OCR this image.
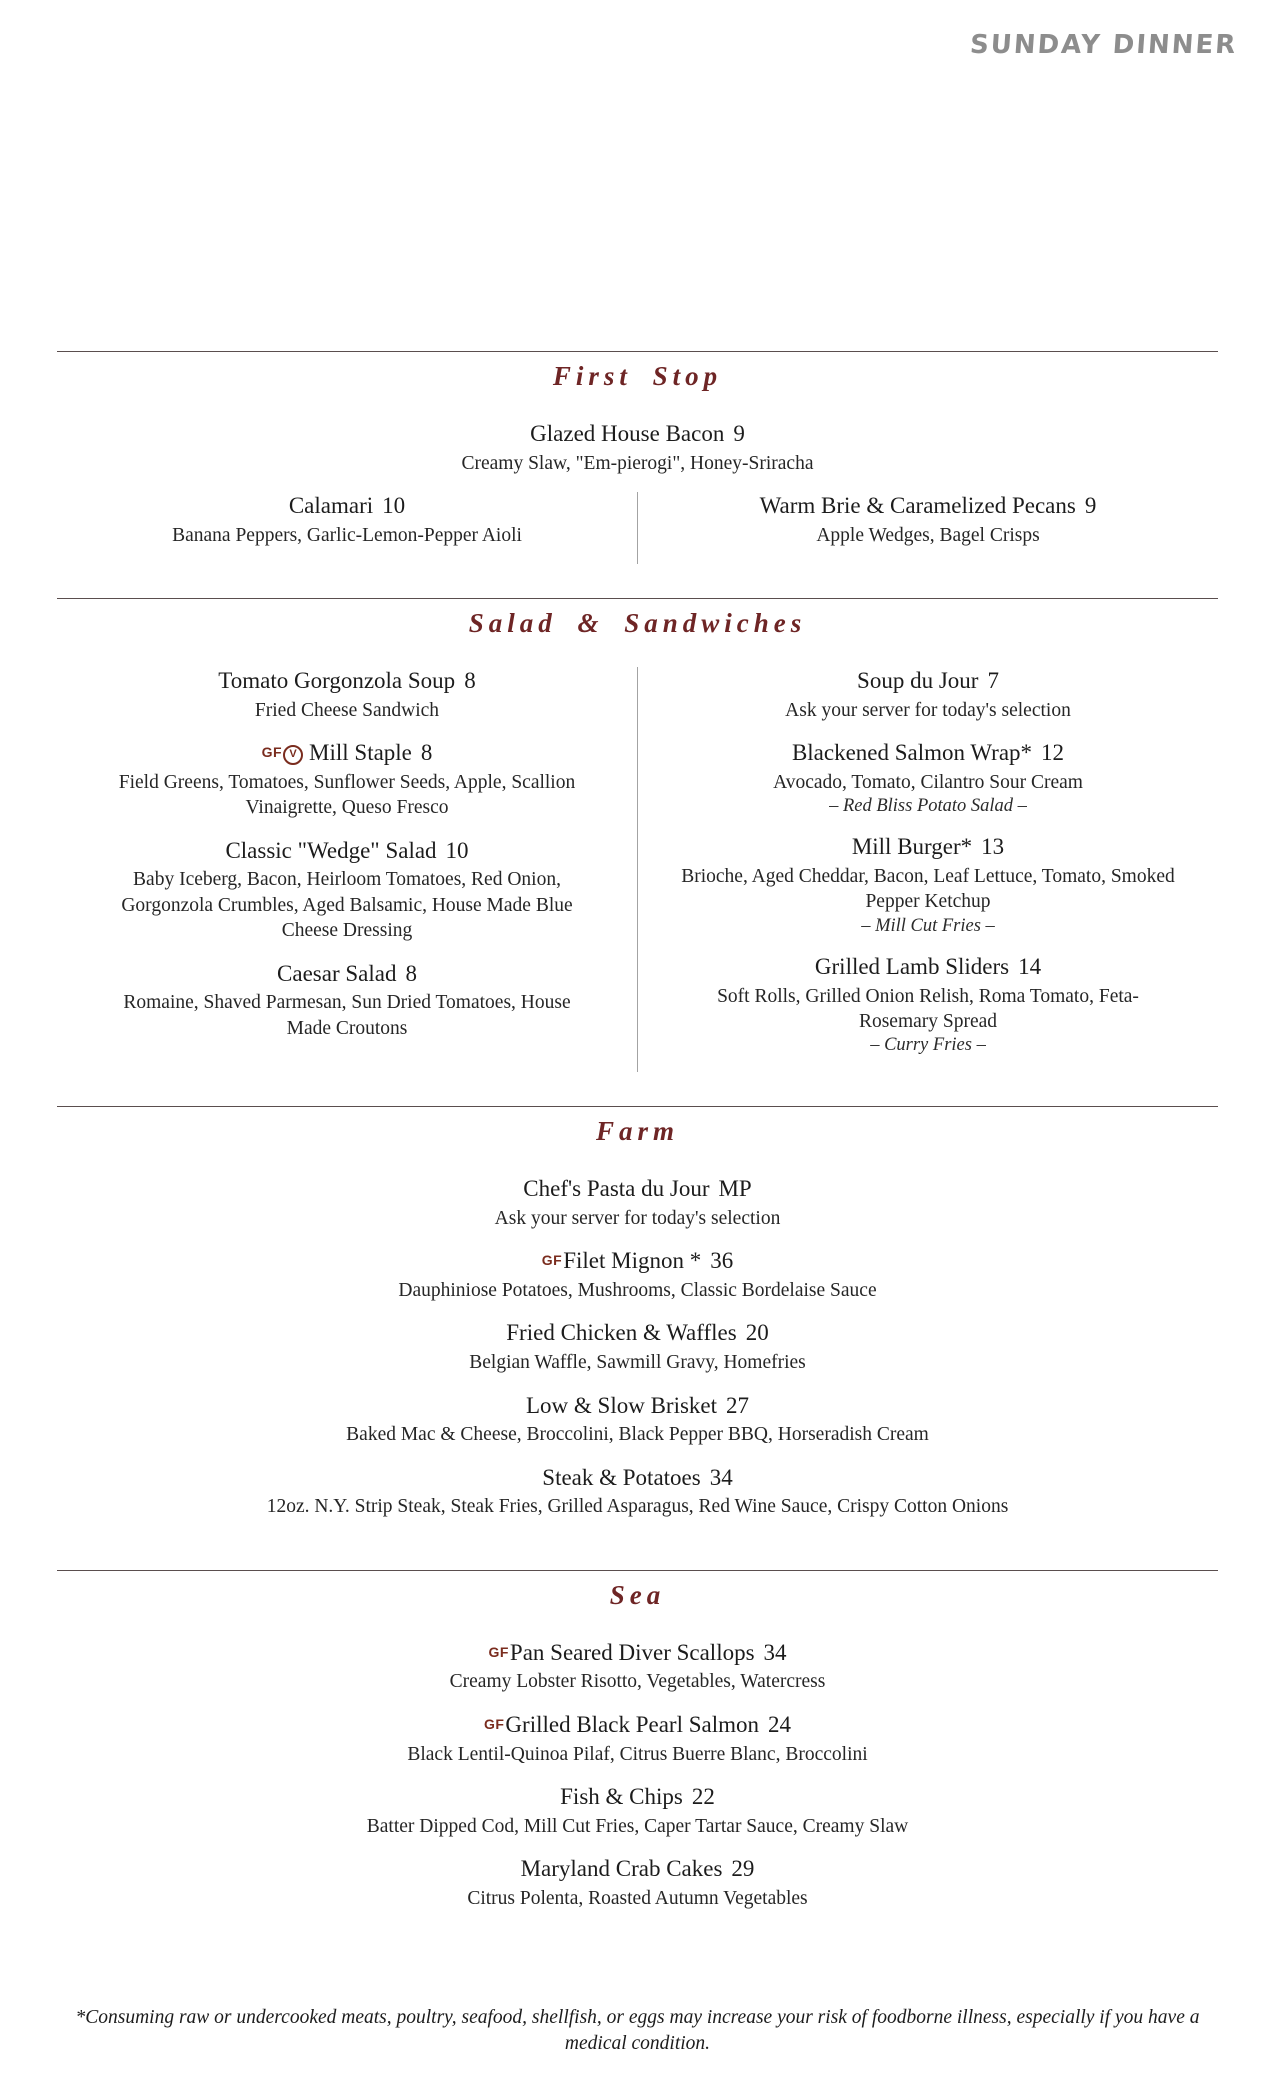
SUNDAY DINNER
First Stop
Glazed House Bacon 9
Creamy Slaw, "Em-pierogi", Honey-Sriracha
Calamari 10
Banana Peppers, Garlic-Lemon-Pepper Aioli
Warm Brie & Caramelized Pecans 9
Apple Wedges, Bagel Crisps
Salad & Sandwiches
Tomato Gorgonzola Soup 8
Fried Cheese Sandwich
GF V Mill Staple 8
Field Greens, Tomatoes, Sunflower Seeds, Apple, Scallion Vinaigrette, Queso Fresco
Classic "Wedge" Salad 10
Baby Iceberg, Bacon, Heirloom Tomatoes, Red Onion, Gorgonzola Crumbles, Aged Balsamic, House Made Blue Cheese Dressing
Caesar Salad 8
Romaine, Shaved Parmesan, Sun Dried Tomatoes, House Made Croutons
Soup du Jour 7
Ask your server for today's selection
Blackened Salmon Wrap* 12
Avocado, Tomato, Cilantro Sour Cream
– Red Bliss Potato Salad –
Mill Burger* 13
Brioche, Aged Cheddar, Bacon, Leaf Lettuce, Tomato, Smoked Pepper Ketchup
– Mill Cut Fries –
Grilled Lamb Sliders 14
Soft Rolls, Grilled Onion Relish, Roma Tomato, Feta-Rosemary Spread
– Curry Fries –
Farm
Chef's Pasta du Jour MP
Ask your server for today's selection
GFFilet Mignon * 36
Dauphiniose Potatoes, Mushrooms, Classic Bordelaise Sauce
Fried Chicken & Waffles 20
Belgian Waffle, Sawmill Gravy, Homefries
Low & Slow Brisket 27
Baked Mac & Cheese, Broccolini, Black Pepper BBQ, Horseradish Cream
Steak & Potatoes 34
12oz. N.Y. Strip Steak, Steak Fries, Grilled Asparagus, Red Wine Sauce, Crispy Cotton Onions
Sea
GFPan Seared Diver Scallops 34
Creamy Lobster Risotto, Vegetables, Watercress
GFGrilled Black Pearl Salmon 24
Black Lentil-Quinoa Pilaf, Citrus Buerre Blanc, Broccolini
Fish & Chips 22
Batter Dipped Cod, Mill Cut Fries, Caper Tartar Sauce, Creamy Slaw
Maryland Crab Cakes 29
Citrus Polenta, Roasted Autumn Vegetables
*Consuming raw or undercooked meats, poultry, seafood, shellfish, or eggs may increase your risk of foodborne illness, especially if you have a medical condition.
